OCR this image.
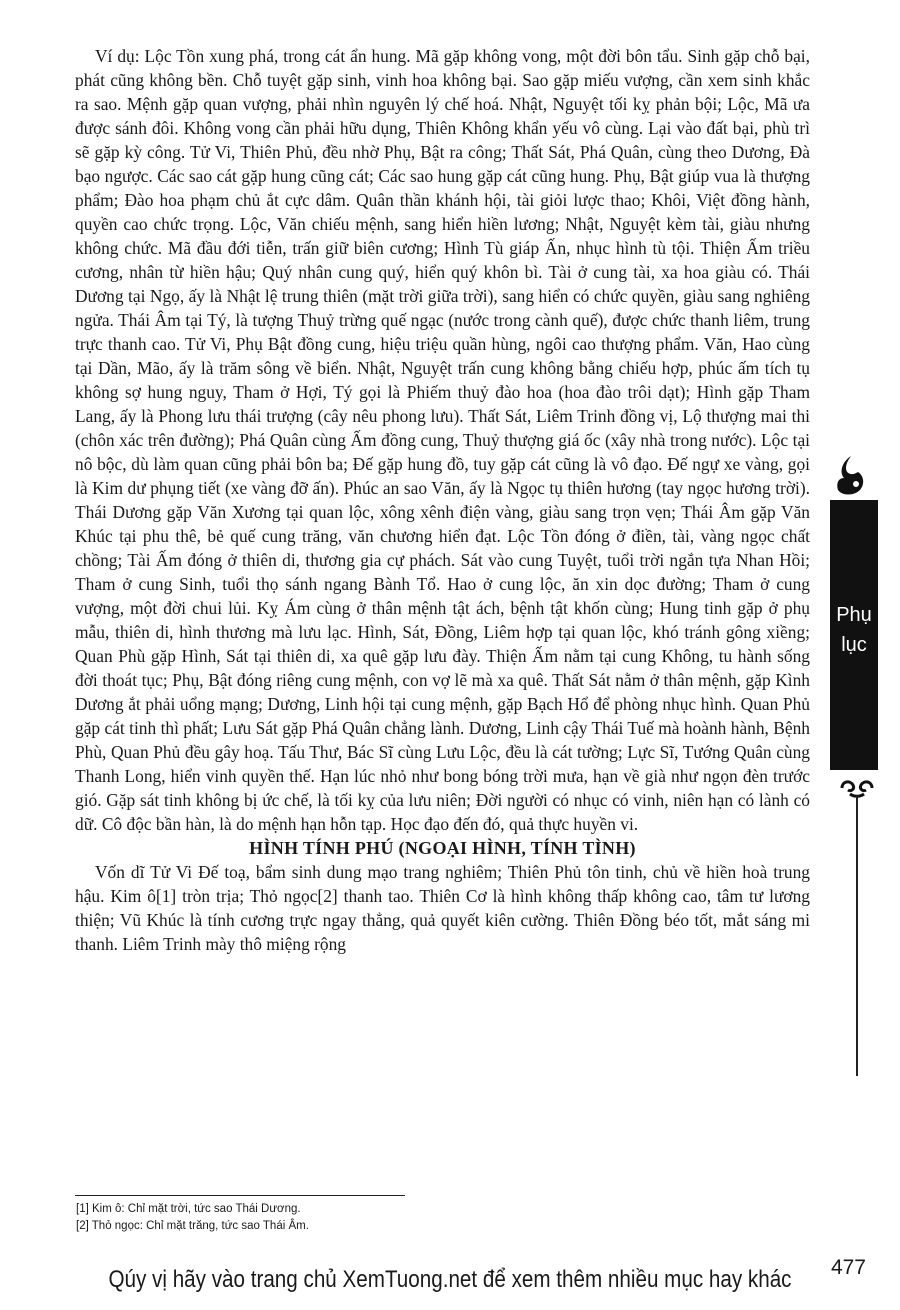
Ví dụ: Lộc Tồn xung phá, trong cát ẩn hung. Mã gặp không vong, một đời bôn tẩu. Sinh gặp chỗ bại, phát cũng không bền. Chỗ tuyệt gặp sinh, vinh hoa không bại. Sao gặp miếu vượng, cần xem sinh khắc ra sao. Mệnh gặp quan vượng, phải nhìn nguyên lý chế hoá. Nhật, Nguyệt tối kỵ phản bội; Lộc, Mã ưa được sánh đôi. Không vong cần phải hữu dụng, Thiên Không khẩn yếu vô cùng. Lại vào đất bại, phù trì sẽ gặp kỳ công. Tử Vi, Thiên Phủ, đều nhờ Phụ, Bật ra công; Thất Sát, Phá Quân, cùng theo Dương, Đà bạo ngược. Các sao cát gặp hung cũng cát; Các sao hung gặp cát cũng hung. Phụ, Bật giúp vua là thượng phẩm; Đào hoa phạm chủ ắt cực dâm. Quân thần khánh hội, tài giỏi lược thao; Khôi, Việt đồng hành, quyền cao chức trọng. Lộc, Văn chiếu mệnh, sang hiển hiền lương; Nhật, Nguyệt kèm tài, giàu nhưng không chức. Mã đầu đới tiễn, trấn giữ biên cương; Hình Tù giáp Ấn, nhục hình tù tội. Thiện Ấm triều cương, nhân từ hiền hậu; Quý nhân cung quý, hiển quý khôn bì. Tài ở cung tài, xa hoa giàu có. Thái Dương tại Ngọ, ấy là Nhật lệ trung thiên (mặt trời giữa trời), sang hiển có chức quyền, giàu sang nghiêng ngửa. Thái Âm tại Tý, là tượng Thuỷ trừng quế ngạc (nước trong cành quế), được chức thanh liêm, trung trực thanh cao. Tử Vi, Phụ Bật đồng cung, hiệu triệu quần hùng, ngôi cao thượng phẩm. Văn, Hao cùng tại Dần, Mão, ấy là trăm sông về biển. Nhật, Nguyệt trấn cung không bằng chiếu hợp, phúc ấm tích tụ không sợ hung nguy, Tham ở Hợi, Tý gọi là Phiếm thuỷ đào hoa (hoa đào trôi dạt); Hình gặp Tham Lang, ấy là Phong lưu thái trượng (cây nêu phong lưu). Thất Sát, Liêm Trinh đồng vị, Lộ thượng mai thi (chôn xác trên đường); Phá Quân cùng Ấm đồng cung, Thuỷ thượng giá ốc (xây nhà trong nước). Lộc tại nô bộc, dù làm quan cũng phải bôn ba; Đế gặp hung đồ, tuy gặp cát cũng là vô đạo. Đế ngự xe vàng, gọi là Kim dư phụng tiết (xe vàng đỡ ấn). Phúc an sao Văn, ấy là Ngọc tụ thiên hương (tay ngọc hương trời). Thái Dương gặp Văn Xương tại quan lộc, xông xênh điện vàng, giàu sang trọn vẹn; Thái Âm gặp Văn Khúc tại phu thê, bẻ quế cung trăng, văn chương hiển đạt. Lộc Tồn đóng ở điền, tài, vàng ngọc chất chồng; Tài Ấm đóng ở thiên di, thương gia cự phách. Sát vào cung Tuyệt, tuổi trời ngắn tựa Nhan Hồi; Tham ở cung Sinh, tuổi thọ sánh ngang Bành Tổ. Hao ở cung lộc, ăn xin dọc đường; Tham ở cung vượng, một đời chui lủi. Kỵ Ám cùng ở thân mệnh tật ách, bệnh tật khốn cùng; Hung tinh gặp ở phụ mẫu, thiên di, hình thương mà lưu lạc. Hình, Sát, Đồng, Liêm hợp tại quan lộc, khó tránh gông xiềng; Quan Phù gặp Hình, Sát tại thiên di, xa quê gặp lưu đày. Thiện Ấm nằm tại cung Không, tu hành sống đời thoát tục; Phụ, Bật đóng riêng cung mệnh, con vợ lẽ mà xa quê. Thất Sát nằm ở thân mệnh, gặp Kình Dương ắt phải uổng mạng; Dương, Linh hội tại cung mệnh, gặp Bạch Hổ để phòng nhục hình. Quan Phủ gặp cát tinh thì phất; Lưu Sát gặp Phá Quân chẳng lành. Dương, Linh cậy Thái Tuế mà hoành hành, Bệnh Phù, Quan Phủ đều gây hoạ. Tấu Thư, Bác Sĩ cùng Lưu Lộc, đều là cát tường; Lực Sĩ, Tướng Quân cùng Thanh Long, hiển vinh quyền thế. Hạn lúc nhỏ như bong bóng trời mưa, hạn về già như ngọn đèn trước gió. Gặp sát tinh không bị ức chế, là tối kỵ của lưu niên; Đời người có nhục có vinh, niên hạn có lành có dữ. Cô độc bần hàn, là do mệnh hạn hỗn tạp. Học đạo đến đó, quả thực huyền vi.

HÌNH TÍNH PHÚ (NGOẠI HÌNH, TÍNH TÌNH)

Vốn dĩ Tử Vi Đế toạ, bẩm sinh dung mạo trang nghiêm; Thiên Phủ tôn tinh, chủ về hiền hoà trung hậu. Kim ô[1] tròn trịa; Thỏ ngọc[2] thanh tao. Thiên Cơ là hình không thấp không cao, tâm tư lương thiện; Vũ Khúc là tính cương trực ngay thẳng, quả quyết kiên cường. Thiên Đồng béo tốt, mắt sáng mi thanh. Liêm Trinh mày thô miệng rộng

[1] Kim ô: Chỉ mặt trời, tức sao Thái Dương.
[2] Thỏ ngọc: Chỉ mặt trăng, tức sao Thái Âm.
Phụ
lục
477
Qúy vị hãy vào trang chủ XemTuong.net để xem thêm nhiều mục hay khác
